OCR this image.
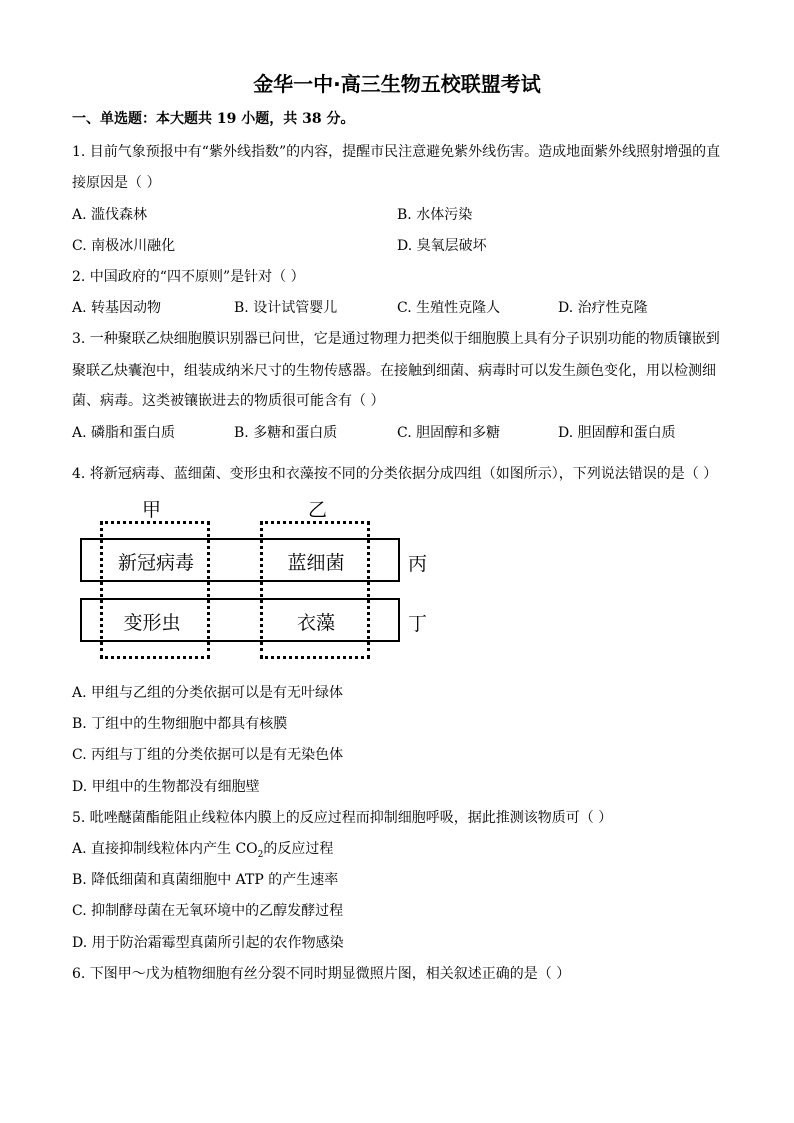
金华一中·高三生物五校联盟考试
一、单选题：本大题共 19 小题，共 38 分。
1. 目前气象预报中有“紫外线指数”的内容，提醒市民注意避免紫外线伤害。造成地面紫外线照射增强的直
接原因是（ ）
A. 滥伐森林	B. 水体污染
C. 南极冰川融化	D. 臭氧层破坏
2. 中国政府的“四不原则”是针对（ ）
A. 转基因动物	B. 设计试管婴儿	C. 生殖性克隆人	D. 治疗性克隆
3. 一种聚联乙炔细胞膜识别器已问世，它是通过物理力把类似于细胞膜上具有分子识别功能的物质镶嵌到
聚联乙炔囊泡中，组装成纳米尺寸的生物传感器。在接触到细菌、病毒时可以发生颜色变化，用以检测细
菌、病毒。这类被镶嵌进去的物质很可能含有（ ）
A. 磷脂和蛋白质	B. 多糖和蛋白质	C. 胆固醇和多糖	D. 胆固醇和蛋白质
4. 将新冠病毒、蓝细菌、变形虫和衣藻按不同的分类依据分成四组（如图所示），下列说法错误的是（ ）
甲	乙
新冠病毒	蓝细菌
变形虫	衣藻
丙
丁
A. 甲组与乙组的分类依据可以是有无叶绿体
B. 丁组中的生物细胞中都具有核膜
C. 丙组与丁组的分类依据可以是有无染色体
D. 甲组中的生物都没有细胞壁
5. 吡唑醚菌酯能阻止线粒体内膜上的反应过程而抑制细胞呼吸，据此推测该物质可（ ）
A. 直接抑制线粒体内产生 $CO_2$的反应过程
B. 降低细菌和真菌细胞中 ATP 的产生速率
C. 抑制酵母菌在无氧环境中的乙醇发酵过程
D. 用于防治霜霉型真菌所引起的农作物感染
6. 下图甲～戊为植物细胞有丝分裂不同时期显微照片图，相关叙述正确的是（ ）
